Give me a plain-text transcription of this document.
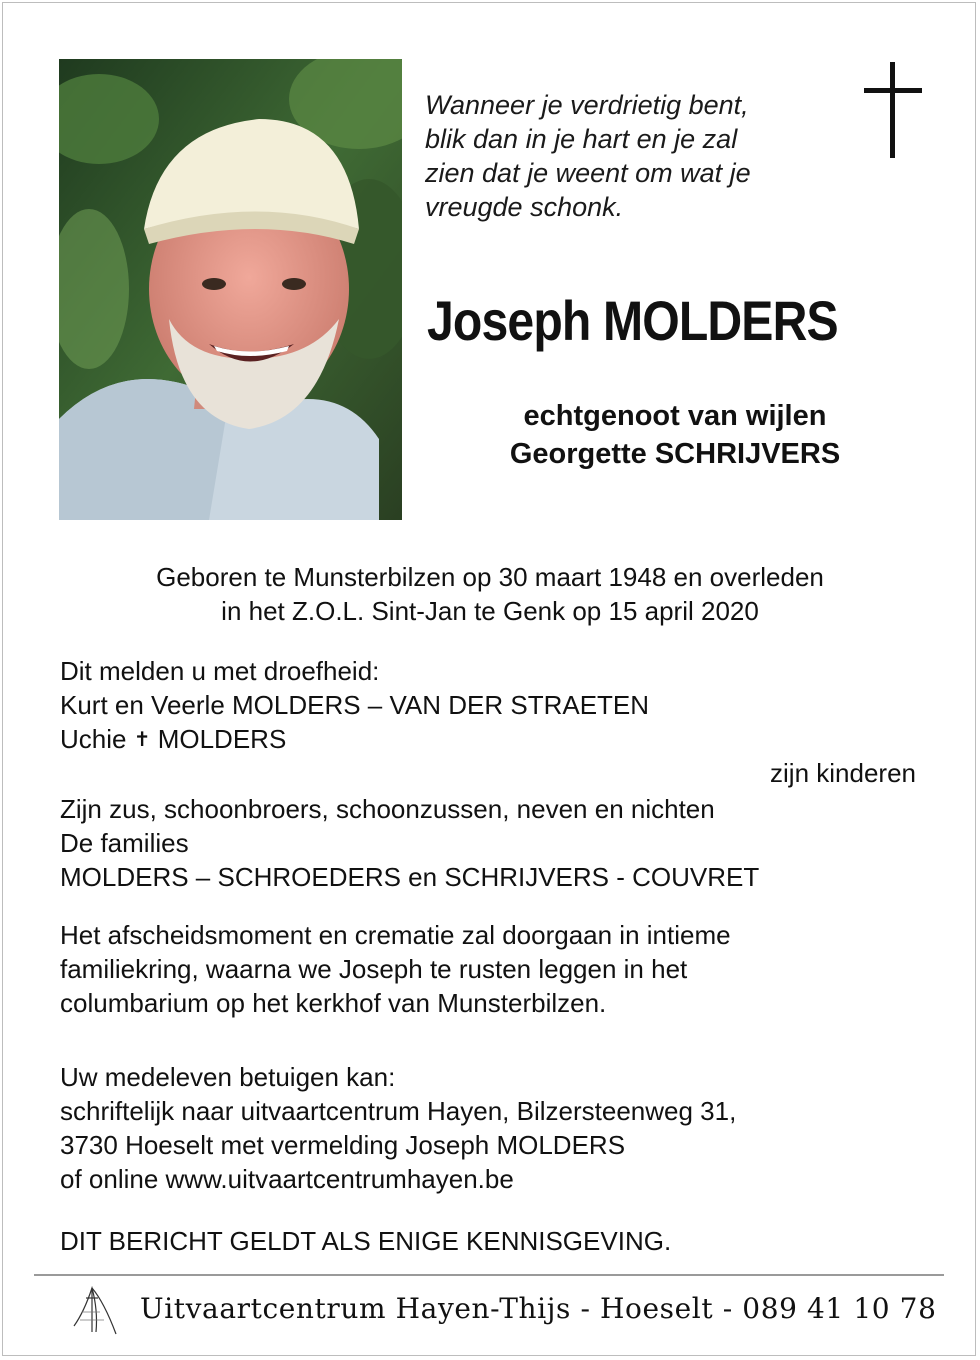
Wanneer je verdrietig bent,
blik dan in je hart en je zal
zien dat je weent om wat je
vreugde schonk.
Joseph MOLDERS
echtgenoot van wijlen
Georgette SCHRIJVERS
Geboren te Munsterbilzen op 30 maart 1948 en overleden
in het Z.O.L. Sint-Jan te Genk op 15 april 2020
Dit melden u met droefheid:
Kurt en Veerle MOLDERS – VAN DER STRAETEN
Uchie ✝ MOLDERS
zijn kinderen
Zijn zus, schoonbroers, schoonzussen, neven en nichten
De families
MOLDERS – SCHROEDERS en SCHRIJVERS - COUVRET
Het afscheidsmoment en crematie zal doorgaan in intieme
familiekring, waarna we Joseph te rusten leggen in het
columbarium op het kerkhof van Munsterbilzen.
Uw medeleven betuigen kan:
schriftelijk naar uitvaartcentrum Hayen, Bilzersteenweg 31,
3730 Hoeselt met vermelding Joseph MOLDERS
of online www.uitvaartcentrumhayen.be
DIT BERICHT GELDT ALS ENIGE KENNISGEVING.
Uitvaartcentrum Hayen-Thijs - Hoeselt - 089 41 10 78
